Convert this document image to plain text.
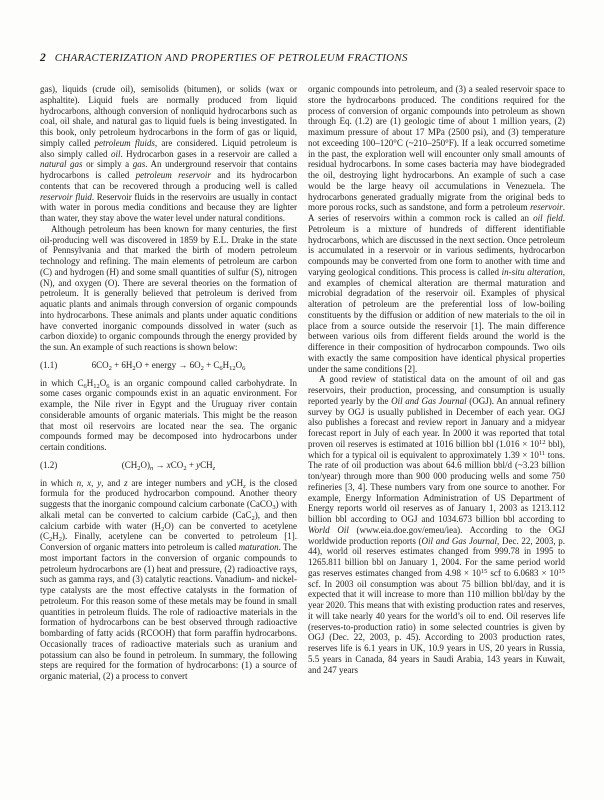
2 CHARACTERIZATION AND PROPERTIES OF PETROLEUM FRACTIONS

gas), liquids (crude oil), semisolids (bitumen), or solids (wax or asphaltite). Liquid fuels are normally produced from liquid hydrocarbons, although conversion of nonliquid hydrocarbons such as coal, oil shale, and natural gas to liquid fuels is being investigated. In this book, only petroleum hydrocarbons in the form of gas or liquid, simply called petroleum fluids, are considered. Liquid petroleum is also simply called oil. Hydrocarbon gases in a reservoir are called a natural gas or simply a gas. An underground reservoir that contains hydrocarbons is called petroleum reservoir and its hydrocarbon contents that can be recovered through a producing well is called reservoir fluid. Reservoir fluids in the reservoirs are usually in contact with water in porous media conditions and because they are lighter than water, they stay above the water level under natural conditions.

Although petroleum has been known for many centuries, the first oil-producing well was discovered in 1859 by E.L. Drake in the state of Pennsylvania and that marked the birth of modern petroleum technology and refining. The main elements of petroleum are carbon (C) and hydrogen (H) and some small quantities of sulfur (S), nitrogen (N), and oxygen (O). There are several theories on the formation of petroleum. It is generally believed that petroleum is derived from aquatic plants and animals through conversion of organic compounds into hydrocarbons. These animals and plants under aquatic conditions have converted inorganic compounds dissolved in water (such as carbon dioxide) to organic compounds through the energy provided by the sun. An example of such reactions is shown below:

(1.1)	$6CO_2 + 6H_2O$ + energy → $6O_2 + C_6H_{12}O_6$

in which $C_6H_{12}O_6$ is an organic compound called carbohydrate. In some cases organic compounds exist in an aquatic environment. For example, the Nile river in Egypt and the Uruguay river contain considerable amounts of organic materials. This might be the reason that most oil reservoirs are located near the sea. The organic compounds formed may be decomposed into hydrocarbons under certain conditions.

(1.2)	$(CH_2O)_n \to xCO_2 + yCH_z$

in which n, x, y, and z are integer numbers and yCH$_z$ is the closed formula for the produced hydrocarbon compound. Another theory suggests that the inorganic compound calcium carbonate (CaCO$_3$) with alkali metal can be converted to calcium carbide (CaC$_2$), and then calcium carbide with water $(H_2O)$ can be converted to acetylene $(C_2H_2)$. Finally, acetylene can be converted to petroleum [1]. Conversion of organic matters into petroleum is called maturation. The most important factors in the conversion of organic compounds to petroleum hydrocarbons are (1) heat and pressure, (2) radioactive rays, such as gamma rays, and (3) catalytic reactions. Vanadium- and nickel-type catalysts are the most effective catalysts in the formation of petroleum. For this reason some of these metals may be found in small quantities in petroleum fluids. The role of radioactive materials in the formation of hydrocarbons can be best observed through radioactive bombarding of fatty acids (RCOOH) that form paraffin hydrocarbons. Occasionally traces of radioactive materials such as uranium and potassium can also be found in petroleum. In summary, the following steps are required for the formation of hydrocarbons: (1) a source of organic material, (2) a process to convert

organic compounds into petroleum, and (3) a sealed reservoir space to store the hydrocarbons produced. The conditions required for the process of conversion of organic compounds into petroleum as shown through Eq. (1.2) are (1) geologic time of about 1 million years, (2) maximum pressure of about 17 MPa (2500 psi), and (3) temperature not exceeding 100–120°C (~210–250°F). If a leak occurred sometime in the past, the exploration well will encounter only small amounts of residual hydrocarbons. In some cases bacteria may have biodegraded the oil, destroying light hydrocarbons. An example of such a case would be the large heavy oil accumulations in Venezuela. The hydrocarbons generated gradually migrate from the original beds to more porous rocks, such as sandstone, and form a petroleum reservoir. A series of reservoirs within a common rock is called an oil field. Petroleum is a mixture of hundreds of different identifiable hydrocarbons, which are discussed in the next section. Once petroleum is accumulated in a reservoir or in various sediments, hydrocarbon compounds may be converted from one form to another with time and varying geological conditions. This process is called in-situ alteration, and examples of chemical alteration are thermal maturation and microbial degradation of the reservoir oil. Examples of physical alteration of petroleum are the preferential loss of low-boiling constituents by the diffusion or addition of new materials to the oil in place from a source outside the reservoir [1]. The main difference between various oils from different fields around the world is the difference in their composition of hydrocarbon compounds. Two oils with exactly the same composition have identical physical properties under the same conditions [2].

A good review of statistical data on the amount of oil and gas reservoirs, their production, processing, and consumption is usually reported yearly by the Oil and Gas Journal (OGJ). An annual refinery survey by OGJ is usually published in December of each year. OGJ also publishes a forecast and review report in January and a midyear forecast report in July of each year. In 2000 it was reported that total proven oil reserves is estimated at 1016 billion bbl ($1.016 \times 10^{12}$ bbl), which for a typical oil is equivalent to approximately $1.39 \times 10^{11}$ tons. The rate of oil production was about 64.6 million bbl/d (~3.23 billion ton/year) through more than 900 000 producing wells and some 750 refineries [3, 4]. These numbers vary from one source to another. For example, Energy Information Administration of US Department of Energy reports world oil reserves as of January 1, 2003 as 1213.112 billion bbl according to OGJ and 1034.673 billion bbl according to World Oil (www.eia.doe.gov/emeu/iea). According to the OGJ worldwide production reports (Oil and Gas Journal, Dec. 22, 2003, p. 44), world oil reserves estimates changed from 999.78 in 1995 to 1265.811 billion bbl on January 1, 2004. For the same period world gas reserves estimates changed from $4.98 \times 10^{15}$ scf to $6.0683 \times 10^{15}$ scf. In 2003 oil consumption was about 75 billion bbl/day, and it is expected that it will increase to more than 110 million bbl/day by the year 2020. This means that with existing production rates and reserves, it will take nearly 40 years for the world’s oil to end. Oil reserves life (reserves-to-production ratio) in some selected countries is given by OGJ (Dec. 22, 2003, p. 45). According to 2003 production rates, reserves life is 6.1 years in UK, 10.9 years in US, 20 years in Russia, 5.5 years in Canada, 84 years in Saudi Arabia, 143 years in Kuwait, and 247 years
